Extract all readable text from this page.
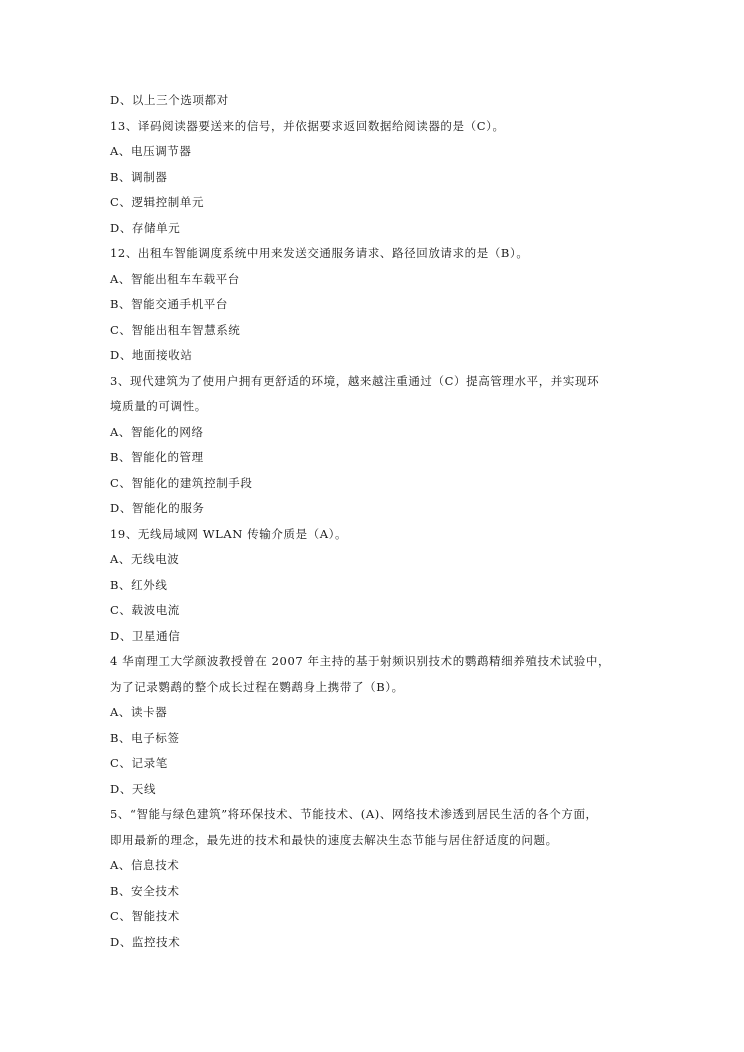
D、以上三个选项都对
13、译码阅读器要送来的信号，并依据要求返回数据给阅读器的是（C）。
A、电压调节器
B、调制器
C、逻辑控制单元
D、存储单元
12、出租车智能调度系统中用来发送交通服务请求、路径回放请求的是（B）。
A、智能出租车车载平台
B、智能交通手机平台
C、智能出租车智慧系统
D、地面接收站
3、现代建筑为了使用户拥有更舒适的环境，越来越注重通过（C）提高管理水平，并实现环
境质量的可调性。
A、智能化的网络
B、智能化的管理
C、智能化的建筑控制手段
D、智能化的服务
19、无线局域网 WLAN 传输介质是（A）。
A、无线电波
B、红外线
C、载波电流
D、卫星通信
4 华南理工大学颜波教授曾在 2007 年主持的基于射频识别技术的鹦鹉精细养殖技术试验中，
为了记录鹦鹉的整个成长过程在鹦鹉身上携带了（B）。
A、读卡器
B、电子标签
C、记录笔
D、天线
5、“智能与绿色建筑”将环保技术、节能技术、(A)、网络技术渗透到居民生活的各个方面，
即用最新的理念，最先进的技术和最快的速度去解决生态节能与居住舒适度的问题。
A、信息技术
B、安全技术
C、智能技术
D、监控技术
